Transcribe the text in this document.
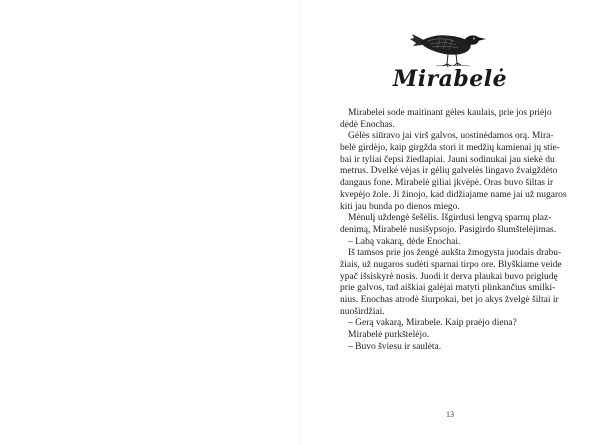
Mirabelė
Mirabelei sode maitinant gėles kaulais, prie jos priėjo
dėdė Enochas.
Gėlės siūravo jai virš galvos, uostinėdamos orą. Mira-
belė girdėjo, kaip girgžda stori it medžių kamienai jų stie-
bai ir tyliai čepsi žiedlapiai. Jauni sodinukai jau siekė du
metrus. Dvelkė vėjas ir gėlių galvelės lingavo žvaigždėto
dangaus fone. Mirabelė giliai įkvėpė. Oras buvo šiltas ir
kvepėjo žole. Ji žinojo, kad didžiajame name jai už nugaros
kiti jau bunda po dienos miego.
Mėnulį uždengė šešėlis. Išgirdusi lengvą sparnų plaz-
denimą, Mirabelė nusišypsojo. Pasigirdo šlumštelėjimas.
– Labą vakarą, dėde Enochai.
Iš tamsos prie jos žengė aukšta žmogysta juodais drabu-
žiais, už nugaros sudėti sparnai tirpo ore. Blyškiame veide
ypač išsiskyrė nosis. Juodi it derva plaukai buvo prigludę
prie galvos, tad aiškiai galėjai matyti plinkančius smilki-
nius. Enochas atrodė šiurpokai, bet jo akys žvelgė šiltai ir
nuoširdžiai.
– Gerą vakarą, Mirabele. Kaip praėjo diena?
Mirabelė purkštelėjo.
– Buvo šviesu ir saulėta.
13
